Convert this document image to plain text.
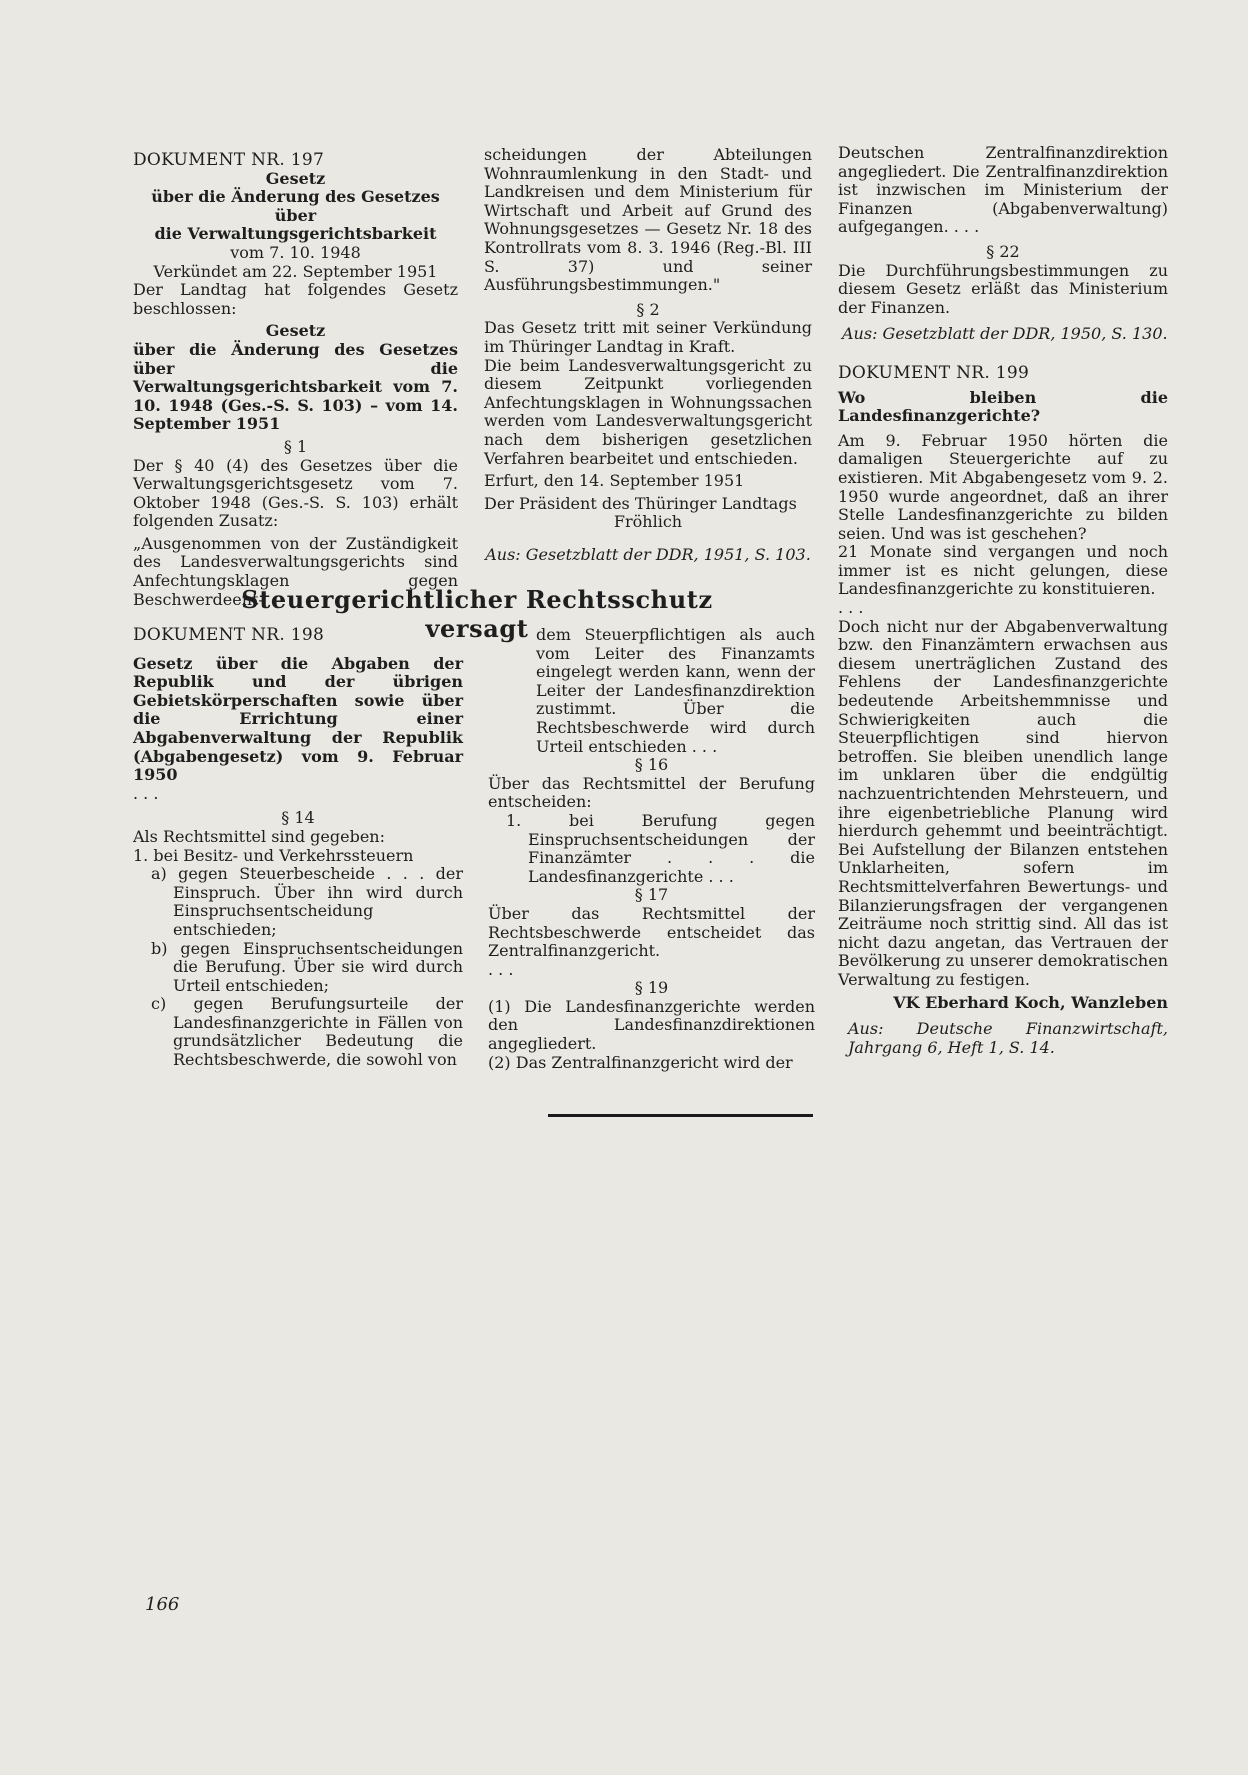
DOKUMENT NR. 197

Gesetz

über die Änderung des Gesetzes über

die Verwaltungsgerichtsbarkeit

vom 7. 10. 1948

Verkündet am 22. September 1951

Der Landtag hat folgendes Gesetz beschlossen:

Gesetz

über die Änderung des Gesetzes über die Verwaltungsgerichtsbarkeit vom 7. 10. 1948 (Ges.-S. S. 103) – vom 14. September 1951

§ 1

Der § 40 (4) des Gesetzes über die Verwaltungsgerichtsgesetz vom 7. Oktober 1948 (Ges.-S. S. 103) erhält folgenden Zusatz:

„Ausgenommen von der Zuständigkeit des Landesverwaltungsgerichts sind Anfechtungsklagen gegen Beschwerdeent-

scheidungen der Abteilungen Wohnraumlenkung in den Stadt- und Landkreisen und dem Ministerium für Wirtschaft und Arbeit auf Grund des Wohnungsgesetzes — Gesetz Nr. 18 des Kontrollrats vom 8. 3. 1946 (Reg.-Bl. III S. 37) und seiner Ausführungsbestimmungen."

§ 2

Das Gesetz tritt mit seiner Verkündung im Thüringer Landtag in Kraft.

Die beim Landesverwaltungsgericht zu diesem Zeitpunkt vorliegenden Anfechtungsklagen in Wohnungssachen werden vom Landesverwaltungsgericht nach dem bisherigen gesetzlichen Verfahren bearbeitet und entschieden.

Erfurt, den 14. September 1951

Der Präsident des Thüringer Landtags

Fröhlich

Aus: Gesetzblatt der DDR, 1951, S. 103.

Deutschen Zentralfinanzdirektion angegliedert. Die Zentralfinanzdirektion ist inzwischen im Ministerium der Finanzen (Abgabenverwaltung) aufgegangen. . . .

§ 22

Die Durchführungsbestimmungen zu diesem Gesetz erläßt das Ministerium der Finanzen.

Aus: Gesetzblatt der DDR, 1950, S. 130.

DOKUMENT NR. 199

Wo bleiben die Landesfinanzgerichte?

Am 9. Februar 1950 hörten die damaligen Steuergerichte auf zu existieren. Mit Abgabengesetz vom 9. 2. 1950 wurde angeordnet, daß an ihrer Stelle Landesfinanzgerichte zu bilden seien. Und was ist geschehen?

21 Monate sind vergangen und noch immer ist es nicht gelungen, diese Landesfinanzgerichte zu konstituieren.

. . .

Doch nicht nur der Abgabenverwaltung bzw. den Finanzämtern erwachsen aus diesem unerträglichen Zustand des Fehlens der Landesfinanzgerichte bedeutende Arbeitshemmnisse und Schwierigkeiten auch die Steuerpflichtigen sind hiervon betroffen. Sie bleiben unendlich lange im unklaren über die endgültig nachzuentrichtenden Mehrsteuern, und ihre eigenbetriebliche Planung wird hierdurch gehemmt und beeinträchtigt. Bei Aufstellung der Bilanzen entstehen Unklarheiten, sofern im Rechtsmittelverfahren Bewertungs- und Bilanzierungsfragen der vergangenen Zeiträume noch strittig sind. All das ist nicht dazu angetan, das Vertrauen der Bevölkerung zu unserer demokratischen Verwaltung zu festigen.

VK Eberhard Koch, Wanzleben

Aus: Deutsche Finanzwirtschaft, Jahrgang 6, Heft 1, S. 14.

Steuergerichtlicher Rechtsschutz versagt

DOKUMENT NR. 198

Gesetz über die Abgaben der Republik und der übrigen Gebietskörperschaften sowie über die Errichtung einer Abgabenverwaltung der Republik (Abgabengesetz) vom 9. Februar 1950

. . .

§ 14

Als Rechtsmittel sind gegeben:

1. bei Besitz- und Verkehrssteuern

a) gegen Steuerbescheide . . . der Einspruch. Über ihn wird durch Einspruchsentscheidung entschieden;

b) gegen Einspruchsentscheidungen die Berufung. Über sie wird durch Urteil entschieden;

c) gegen Berufungsurteile der Landesfinanzgerichte in Fällen von grundsätzlicher Bedeutung die Rechtsbeschwerde, die sowohl von

dem Steuerpflichtigen als auch vom Leiter des Finanzamts eingelegt werden kann, wenn der Leiter der Landesfinanzdirektion zustimmt. Über die Rechtsbeschwerde wird durch Urteil entschieden . . .

§ 16

Über das Rechtsmittel der Berufung entscheiden:

1. bei Berufung gegen Einspruchsentscheidungen der Finanzämter . . . die Landesfinanzgerichte . . .

§ 17

Über das Rechtsmittel der Rechtsbeschwerde entscheidet das Zentralfinanzgericht.

. . .

§ 19

(1) Die Landesfinanzgerichte werden den Landesfinanzdirektionen angegliedert.

(2) Das Zentralfinanzgericht wird der

166
